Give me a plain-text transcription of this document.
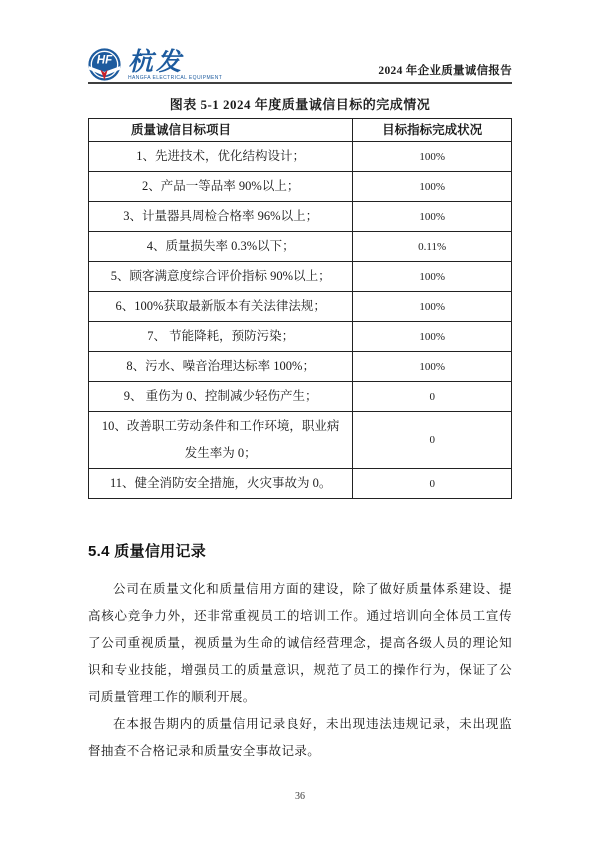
HF 杭发
HANGFA ELECTRICAL EQUIPMENT
2024 年企业质量诚信报告
图表 5-1 2024 年度质量诚信目标的完成情况
质量诚信目标项目	目标指标完成状况
1、先进技术，优化结构设计；	100%
2、产品一等品率 90%以上；	100%
3、计量器具周检合格率 96%以上；	100%
4、质量损失率 0.3%以下；	0.11%
5、顾客满意度综合评价指标 90%以上；	100%
6、100%获取最新版本有关法律法规；	100%
7、 节能降耗，预防污染；	100%
8、污水、噪音治理达标率 100%；	100%
9、 重伤为 0、控制减少轻伤产生；	0
10、改善职工劳动条件和工作环境，职业病 发生率为 0；	0
11、健全消防安全措施，火灾事故为 0。	0
5.4 质量信用记录

公司在质量文化和质量信用方面的建设，除了做好质量体系建设、提高核心竞争力外，还非常重视员工的培训工作。通过培训向全体员工宣传了公司重视质量，视质量为生命的诚信经营理念，提高各级人员的理论知识和专业技能，增强员工的质量意识，规范了员工的操作行为，保证了公司质量管理工作的顺利开展。

在本报告期内的质量信用记录良好，未出现违法违规记录，未出现监督抽查不合格记录和质量安全事故记录。

36
